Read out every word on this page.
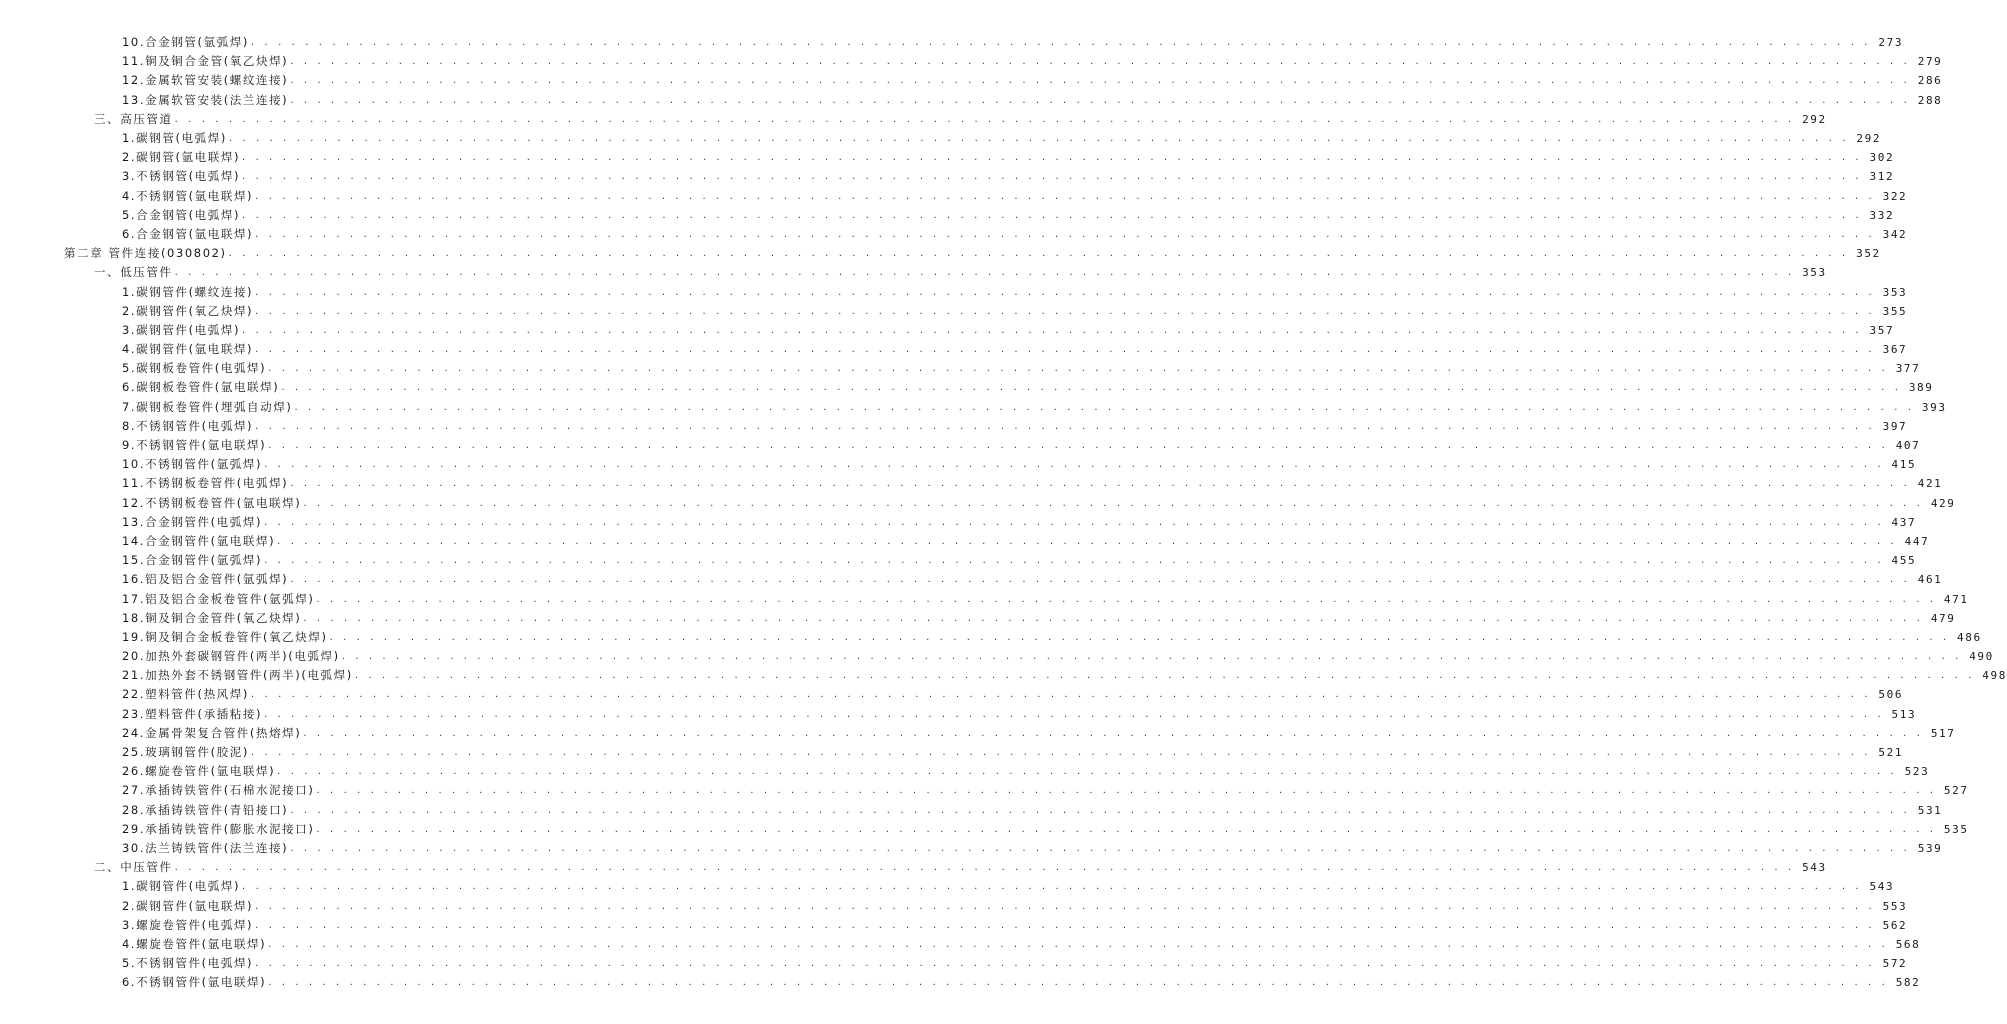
10.合金钢管(氩弧焊) . . . . . . . . . . . . . . . . . . . . . . . . . . . . . . . . . . . . . . . . . . . . . . . . . . . . . . . . . . . . . . . . . . . . . . . . . . . . . . . . . . . . . . . . . . . . . . . . . . . . . . . . . . . . . . . . . . . . . . . . 273
11.铜及铜合金管(氧乙炔焊) . . . . . . . . . . . . . . . . . . . . . . . . . . . . . . . . . . . . . . . . . . . . . . . . . . . . . . . . . . . . . . . . . . . . . . . . . . . . . . . . . . . . . . . . . . . . . . . . . . . . . . . . . . . . . . . . . . . . . . . . 279
12.金属软管安装(螺纹连接) . . . . . . . . . . . . . . . . . . . . . . . . . . . . . . . . . . . . . . . . . . . . . . . . . . . . . . . . . . . . . . . . . . . . . . . . . . . . . . . . . . . . . . . . . . . . . . . . . . . . . . . . . . . . . . . . . . . . . . . . 286
13.金属软管安装(法兰连接) . . . . . . . . . . . . . . . . . . . . . . . . . . . . . . . . . . . . . . . . . . . . . . . . . . . . . . . . . . . . . . . . . . . . . . . . . . . . . . . . . . . . . . . . . . . . . . . . . . . . . . . . . . . . . . . . . . . . . . . . 288
三、高压管道 . . . . . . . . . . . . . . . . . . . . . . . . . . . . . . . . . . . . . . . . . . . . . . . . . . . . . . . . . . . . . . . . . . . . . . . . . . . . . . . . . . . . . . . . . . . . . . . . . . . . . . . . . . . . . . . . . . . . . . . . 292
1.碳钢管(电弧焊) . . . . . . . . . . . . . . . . . . . . . . . . . . . . . . . . . . . . . . . . . . . . . . . . . . . . . . . . . . . . . . . . . . . . . . . . . . . . . . . . . . . . . . . . . . . . . . . . . . . . . . . . . . . . . . . . . . . . . . . . 292
2.碳钢管(氩电联焊) . . . . . . . . . . . . . . . . . . . . . . . . . . . . . . . . . . . . . . . . . . . . . . . . . . . . . . . . . . . . . . . . . . . . . . . . . . . . . . . . . . . . . . . . . . . . . . . . . . . . . . . . . . . . . . . . . . . . . . . . 302
3.不锈钢管(电弧焊) . . . . . . . . . . . . . . . . . . . . . . . . . . . . . . . . . . . . . . . . . . . . . . . . . . . . . . . . . . . . . . . . . . . . . . . . . . . . . . . . . . . . . . . . . . . . . . . . . . . . . . . . . . . . . . . . . . . . . . . . 312
4.不锈钢管(氩电联焊) . . . . . . . . . . . . . . . . . . . . . . . . . . . . . . . . . . . . . . . . . . . . . . . . . . . . . . . . . . . . . . . . . . . . . . . . . . . . . . . . . . . . . . . . . . . . . . . . . . . . . . . . . . . . . . . . . . . . . . . . 322
5.合金钢管(电弧焊) . . . . . . . . . . . . . . . . . . . . . . . . . . . . . . . . . . . . . . . . . . . . . . . . . . . . . . . . . . . . . . . . . . . . . . . . . . . . . . . . . . . . . . . . . . . . . . . . . . . . . . . . . . . . . . . . . . . . . . . . 332
6.合金钢管(氩电联焊) . . . . . . . . . . . . . . . . . . . . . . . . . . . . . . . . . . . . . . . . . . . . . . . . . . . . . . . . . . . . . . . . . . . . . . . . . . . . . . . . . . . . . . . . . . . . . . . . . . . . . . . . . . . . . . . . . . . . . . . . 342
第二章 管件连接(030802) . . . . . . . . . . . . . . . . . . . . . . . . . . . . . . . . . . . . . . . . . . . . . . . . . . . . . . . . . . . . . . . . . . . . . . . . . . . . . . . . . . . . . . . . . . . . . . . . . . . . . . . . . . . . . . . . . . . . . . . . 352
一、低压管件 . . . . . . . . . . . . . . . . . . . . . . . . . . . . . . . . . . . . . . . . . . . . . . . . . . . . . . . . . . . . . . . . . . . . . . . . . . . . . . . . . . . . . . . . . . . . . . . . . . . . . . . . . . . . . . . . . . . . . . . . 353
1.碳钢管件(螺纹连接) . . . . . . . . . . . . . . . . . . . . . . . . . . . . . . . . . . . . . . . . . . . . . . . . . . . . . . . . . . . . . . . . . . . . . . . . . . . . . . . . . . . . . . . . . . . . . . . . . . . . . . . . . . . . . . . . . . . . . . . . 353
2.碳钢管件(氧乙炔焊) . . . . . . . . . . . . . . . . . . . . . . . . . . . . . . . . . . . . . . . . . . . . . . . . . . . . . . . . . . . . . . . . . . . . . . . . . . . . . . . . . . . . . . . . . . . . . . . . . . . . . . . . . . . . . . . . . . . . . . . . 355
3.碳钢管件(电弧焊) . . . . . . . . . . . . . . . . . . . . . . . . . . . . . . . . . . . . . . . . . . . . . . . . . . . . . . . . . . . . . . . . . . . . . . . . . . . . . . . . . . . . . . . . . . . . . . . . . . . . . . . . . . . . . . . . . . . . . . . . 357
4.碳钢管件(氩电联焊) . . . . . . . . . . . . . . . . . . . . . . . . . . . . . . . . . . . . . . . . . . . . . . . . . . . . . . . . . . . . . . . . . . . . . . . . . . . . . . . . . . . . . . . . . . . . . . . . . . . . . . . . . . . . . . . . . . . . . . . . 367
5.碳钢板卷管件(电弧焊) . . . . . . . . . . . . . . . . . . . . . . . . . . . . . . . . . . . . . . . . . . . . . . . . . . . . . . . . . . . . . . . . . . . . . . . . . . . . . . . . . . . . . . . . . . . . . . . . . . . . . . . . . . . . . . . . . . . . . . . . 377
6.碳钢板卷管件(氩电联焊) . . . . . . . . . . . . . . . . . . . . . . . . . . . . . . . . . . . . . . . . . . . . . . . . . . . . . . . . . . . . . . . . . . . . . . . . . . . . . . . . . . . . . . . . . . . . . . . . . . . . . . . . . . . . . . . . . . . . . . . . 389
7.碳钢板卷管件(埋弧自动焊) . . . . . . . . . . . . . . . . . . . . . . . . . . . . . . . . . . . . . . . . . . . . . . . . . . . . . . . . . . . . . . . . . . . . . . . . . . . . . . . . . . . . . . . . . . . . . . . . . . . . . . . . . . . . . . . . . . . . . . . . 393
8.不锈钢管件(电弧焊) . . . . . . . . . . . . . . . . . . . . . . . . . . . . . . . . . . . . . . . . . . . . . . . . . . . . . . . . . . . . . . . . . . . . . . . . . . . . . . . . . . . . . . . . . . . . . . . . . . . . . . . . . . . . . . . . . . . . . . . . 397
9.不锈钢管件(氩电联焊) . . . . . . . . . . . . . . . . . . . . . . . . . . . . . . . . . . . . . . . . . . . . . . . . . . . . . . . . . . . . . . . . . . . . . . . . . . . . . . . . . . . . . . . . . . . . . . . . . . . . . . . . . . . . . . . . . . . . . . . . 407
10.不锈钢管件(氩弧焊) . . . . . . . . . . . . . . . . . . . . . . . . . . . . . . . . . . . . . . . . . . . . . . . . . . . . . . . . . . . . . . . . . . . . . . . . . . . . . . . . . . . . . . . . . . . . . . . . . . . . . . . . . . . . . . . . . . . . . . . . 415
11.不锈钢板卷管件(电弧焊) . . . . . . . . . . . . . . . . . . . . . . . . . . . . . . . . . . . . . . . . . . . . . . . . . . . . . . . . . . . . . . . . . . . . . . . . . . . . . . . . . . . . . . . . . . . . . . . . . . . . . . . . . . . . . . . . . . . . . . . . 421
12.不锈钢板卷管件(氩电联焊) . . . . . . . . . . . . . . . . . . . . . . . . . . . . . . . . . . . . . . . . . . . . . . . . . . . . . . . . . . . . . . . . . . . . . . . . . . . . . . . . . . . . . . . . . . . . . . . . . . . . . . . . . . . . . . . . . . . . . . . . 429
13.合金钢管件(电弧焊) . . . . . . . . . . . . . . . . . . . . . . . . . . . . . . . . . . . . . . . . . . . . . . . . . . . . . . . . . . . . . . . . . . . . . . . . . . . . . . . . . . . . . . . . . . . . . . . . . . . . . . . . . . . . . . . . . . . . . . . . 437
14.合金钢管件(氩电联焊) . . . . . . . . . . . . . . . . . . . . . . . . . . . . . . . . . . . . . . . . . . . . . . . . . . . . . . . . . . . . . . . . . . . . . . . . . . . . . . . . . . . . . . . . . . . . . . . . . . . . . . . . . . . . . . . . . . . . . . . . 447
15.合金钢管件(氩弧焊) . . . . . . . . . . . . . . . . . . . . . . . . . . . . . . . . . . . . . . . . . . . . . . . . . . . . . . . . . . . . . . . . . . . . . . . . . . . . . . . . . . . . . . . . . . . . . . . . . . . . . . . . . . . . . . . . . . . . . . . . 455
16.铝及铝合金管件(氩弧焊) . . . . . . . . . . . . . . . . . . . . . . . . . . . . . . . . . . . . . . . . . . . . . . . . . . . . . . . . . . . . . . . . . . . . . . . . . . . . . . . . . . . . . . . . . . . . . . . . . . . . . . . . . . . . . . . . . . . . . . . . 461
17.铝及铝合金板卷管件(氩弧焊) . . . . . . . . . . . . . . . . . . . . . . . . . . . . . . . . . . . . . . . . . . . . . . . . . . . . . . . . . . . . . . . . . . . . . . . . . . . . . . . . . . . . . . . . . . . . . . . . . . . . . . . . . . . . . . . . . . . . . . . . 471
18.铜及铜合金管件(氧乙炔焊) . . . . . . . . . . . . . . . . . . . . . . . . . . . . . . . . . . . . . . . . . . . . . . . . . . . . . . . . . . . . . . . . . . . . . . . . . . . . . . . . . . . . . . . . . . . . . . . . . . . . . . . . . . . . . . . . . . . . . . . . 479
19.铜及铜合金板卷管件(氧乙炔焊) . . . . . . . . . . . . . . . . . . . . . . . . . . . . . . . . . . . . . . . . . . . . . . . . . . . . . . . . . . . . . . . . . . . . . . . . . . . . . . . . . . . . . . . . . . . . . . . . . . . . . . . . . . . . . . . . . . . . . . . . 486
20.加热外套碳钢管件(两半)(电弧焊) . . . . . . . . . . . . . . . . . . . . . . . . . . . . . . . . . . . . . . . . . . . . . . . . . . . . . . . . . . . . . . . . . . . . . . . . . . . . . . . . . . . . . . . . . . . . . . . . . . . . . . . . . . . . . . . . . . . . . . . . 490
21.加热外套不锈钢管件(两半)(电弧焊) . . . . . . . . . . . . . . . . . . . . . . . . . . . . . . . . . . . . . . . . . . . . . . . . . . . . . . . . . . . . . . . . . . . . . . . . . . . . . . . . . . . . . . . . . . . . . . . . . . . . . . . . . . . . . . . . . . . . . . . . 498
22.塑料管件(热风焊) . . . . . . . . . . . . . . . . . . . . . . . . . . . . . . . . . . . . . . . . . . . . . . . . . . . . . . . . . . . . . . . . . . . . . . . . . . . . . . . . . . . . . . . . . . . . . . . . . . . . . . . . . . . . . . . . . . . . . . . . 506
23.塑料管件(承插粘接) . . . . . . . . . . . . . . . . . . . . . . . . . . . . . . . . . . . . . . . . . . . . . . . . . . . . . . . . . . . . . . . . . . . . . . . . . . . . . . . . . . . . . . . . . . . . . . . . . . . . . . . . . . . . . . . . . . . . . . . . 513
24.金属骨架复合管件(热熔焊) . . . . . . . . . . . . . . . . . . . . . . . . . . . . . . . . . . . . . . . . . . . . . . . . . . . . . . . . . . . . . . . . . . . . . . . . . . . . . . . . . . . . . . . . . . . . . . . . . . . . . . . . . . . . . . . . . . . . . . . . 517
25.玻璃钢管件(胶泥) . . . . . . . . . . . . . . . . . . . . . . . . . . . . . . . . . . . . . . . . . . . . . . . . . . . . . . . . . . . . . . . . . . . . . . . . . . . . . . . . . . . . . . . . . . . . . . . . . . . . . . . . . . . . . . . . . . . . . . . . 521
26.螺旋卷管件(氩电联焊) . . . . . . . . . . . . . . . . . . . . . . . . . . . . . . . . . . . . . . . . . . . . . . . . . . . . . . . . . . . . . . . . . . . . . . . . . . . . . . . . . . . . . . . . . . . . . . . . . . . . . . . . . . . . . . . . . . . . . . . . 523
27.承插铸铁管件(石棉水泥接口) . . . . . . . . . . . . . . . . . . . . . . . . . . . . . . . . . . . . . . . . . . . . . . . . . . . . . . . . . . . . . . . . . . . . . . . . . . . . . . . . . . . . . . . . . . . . . . . . . . . . . . . . . . . . . . . . . . . . . . . . 527
28.承插铸铁管件(青铅接口) . . . . . . . . . . . . . . . . . . . . . . . . . . . . . . . . . . . . . . . . . . . . . . . . . . . . . . . . . . . . . . . . . . . . . . . . . . . . . . . . . . . . . . . . . . . . . . . . . . . . . . . . . . . . . . . . . . . . . . . . 531
29.承插铸铁管件(膨胀水泥接口) . . . . . . . . . . . . . . . . . . . . . . . . . . . . . . . . . . . . . . . . . . . . . . . . . . . . . . . . . . . . . . . . . . . . . . . . . . . . . . . . . . . . . . . . . . . . . . . . . . . . . . . . . . . . . . . . . . . . . . . . 535
30.法兰铸铁管件(法兰连接) . . . . . . . . . . . . . . . . . . . . . . . . . . . . . . . . . . . . . . . . . . . . . . . . . . . . . . . . . . . . . . . . . . . . . . . . . . . . . . . . . . . . . . . . . . . . . . . . . . . . . . . . . . . . . . . . . . . . . . . . 539
二、中压管件 . . . . . . . . . . . . . . . . . . . . . . . . . . . . . . . . . . . . . . . . . . . . . . . . . . . . . . . . . . . . . . . . . . . . . . . . . . . . . . . . . . . . . . . . . . . . . . . . . . . . . . . . . . . . . . . . . . . . . . . . 543
1.碳钢管件(电弧焊) . . . . . . . . . . . . . . . . . . . . . . . . . . . . . . . . . . . . . . . . . . . . . . . . . . . . . . . . . . . . . . . . . . . . . . . . . . . . . . . . . . . . . . . . . . . . . . . . . . . . . . . . . . . . . . . . . . . . . . . . 543
2.碳钢管件(氩电联焊) . . . . . . . . . . . . . . . . . . . . . . . . . . . . . . . . . . . . . . . . . . . . . . . . . . . . . . . . . . . . . . . . . . . . . . . . . . . . . . . . . . . . . . . . . . . . . . . . . . . . . . . . . . . . . . . . . . . . . . . . 553
3.螺旋卷管件(电弧焊) . . . . . . . . . . . . . . . . . . . . . . . . . . . . . . . . . . . . . . . . . . . . . . . . . . . . . . . . . . . . . . . . . . . . . . . . . . . . . . . . . . . . . . . . . . . . . . . . . . . . . . . . . . . . . . . . . . . . . . . . 562
4.螺旋卷管件(氩电联焊) . . . . . . . . . . . . . . . . . . . . . . . . . . . . . . . . . . . . . . . . . . . . . . . . . . . . . . . . . . . . . . . . . . . . . . . . . . . . . . . . . . . . . . . . . . . . . . . . . . . . . . . . . . . . . . . . . . . . . . . . 568
5.不锈钢管件(电弧焊) . . . . . . . . . . . . . . . . . . . . . . . . . . . . . . . . . . . . . . . . . . . . . . . . . . . . . . . . . . . . . . . . . . . . . . . . . . . . . . . . . . . . . . . . . . . . . . . . . . . . . . . . . . . . . . . . . . . . . . . . 572
6.不锈钢管件(氩电联焊) . . . . . . . . . . . . . . . . . . . . . . . . . . . . . . . . . . . . . . . . . . . . . . . . . . . . . . . . . . . . . . . . . . . . . . . . . . . . . . . . . . . . . . . . . . . . . . . . . . . . . . . . . . . . . . . . . . . . . . . . 582
